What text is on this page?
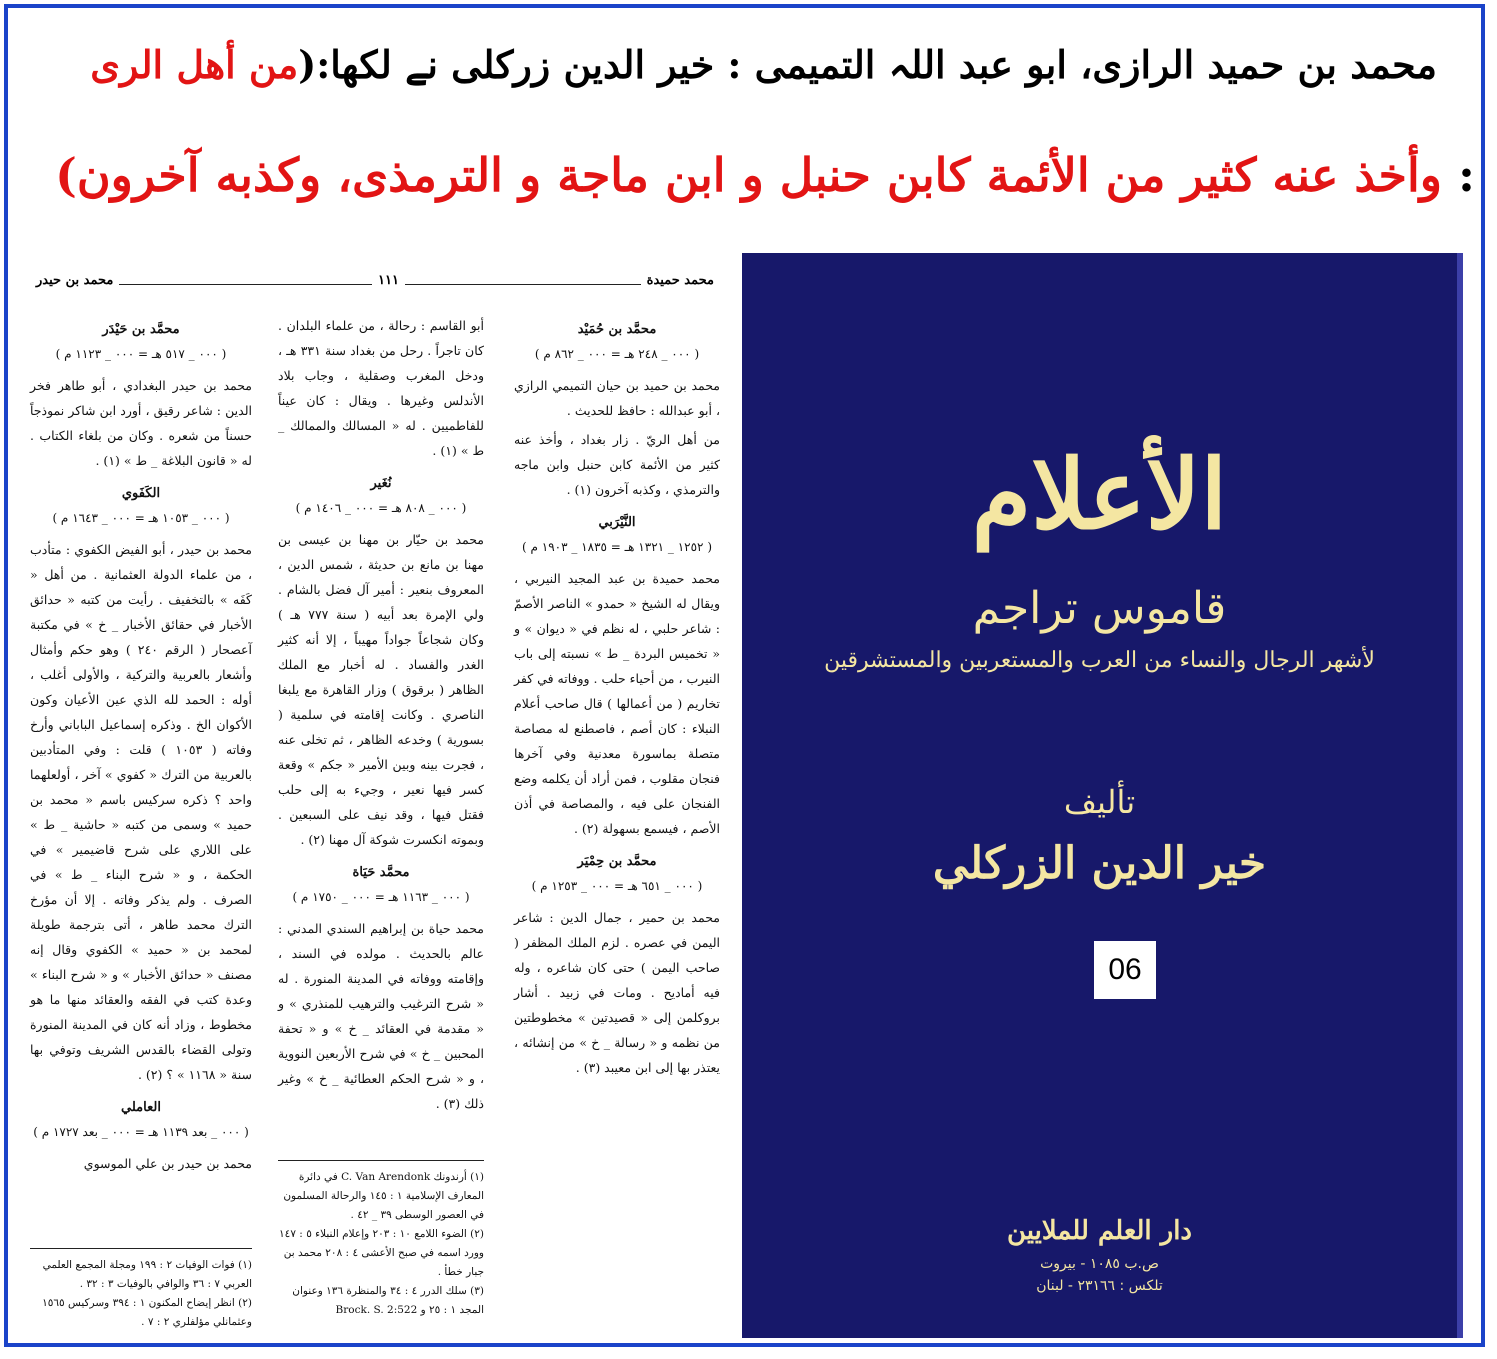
محمد بن حمید الرازی، ابو عبد اللہ التمیمی : خیر الدین زرکلی نے لکھا:(من أهل الری
: وأخذ عنه كثير من الأئمة كابن حنبل و ابن ماجة و الترمذی، وكذبه آخرون)
محمد حميدة
١١١
محمد بن حيدر
محمَّد بن حُمَيْد
( ٠٠٠ _ ٢٤٨ هـ = ٠٠٠ _ ٨٦٢ م )

محمد بن حميد بن حيان التميمي الرازي ، أبو عبدالله : حافظ للحديث .

من أهل الريّ . زار بغداد ، وأخذ عنه كثير من الأئمة كابن حنبل وابن ماجه والترمذي ، وكذبه آخرون (١) .

النَّيْرَبي
( ١٢٥٢ _ ١٣٢١ هـ = ١٨٣٥ _ ١٩٠٣ م )

محمد حميدة بن عبد المجيد النيربي ، ويقال له الشيخ « حمدو » الناصر الأصمّ : شاعر حلبي ، له نظم في « ديوان » و « تخميس البردة _ ط » نسبته إلى باب النيرب ، من أحياء حلب . ووفاته في كفر تخاريم ( من أعمالها ) قال صاحب أعلام النبلاء : كان أصم ، فاصطنع له مصاصة متصلة بماسورة معدنية وفي آخرها فنجان مقلوب ، فمن أراد أن يكلمه وضع الفنجان على فيه ، والمصاصة في أذن الأصم ، فيسمع بسهولة (٢) .

محمَّد بن حِمْيَر
( ٠٠٠ _ ٦٥١ هـ = ٠٠٠ _ ١٢٥٣ م )

محمد بن حمير ، جمال الدين : شاعر اليمن في عصره . لزم الملك المظفر ( صاحب اليمن ) حتى كان شاعره ، وله فيه أماديح . ومات في زبيد . أشار بروكلمن إلى « قصيدتين » مخطوطتين من نظمه و « رسالة _ خ » من إنشائه ، يعتذر بها إلى ابن معيبد (٣) .

أبو القاسم : رحالة ، من علماء البلدان . كان تاجراً . رحل من بغداد سنة ٣٣١ هـ ، ودخل المغرب وصقلية ، وجاب بلاد الأندلس وغيرها . ويقال : كان عيناً للفاطميين . له « المسالك والممالك _ ط » (١) .

نُغَير
( ٠٠٠ _ ٨٠٨ هـ = ٠٠٠ _ ١٤٠٦ م )

محمد بن حيّار بن مهنا بن عيسى بن مهنا بن مانع بن حديثة ، شمس الدين ، المعروف بنعير : أمير آل فضل بالشام . ولي الإمرة بعد أبيه ( سنة ٧٧٧ هـ ) وكان شجاعاً جواداً مهيباً ، إلا أنه كثير الغدر والفساد . له أخبار مع الملك الظاهر ( برقوق ) وزار القاهرة مع يلبغا الناصري . وكانت إقامته في سلمية ( بسورية ) وخدعه الظاهر ، ثم تخلى عنه ، فجرت بينه وبين الأمير « جكم » وقعة كسر فيها نعير ، وجيء به إلى حلب فقتل فيها ، وقد نيف على السبعين . وبموته انكسرت شوكة آل مهنا (٢) .

محمَّد حَيَاة
( ٠٠٠ _ ١١٦٣ هـ = ٠٠٠ _ ١٧٥٠ م )

محمد حياة بن إبراهيم السندي المدني : عالم بالحديث . مولده في السند ، وإقامته ووفاته في المدينة المنورة . له « شرح الترغيب والترهيب للمنذري » و « مقدمة في العقائد _ خ » و « تحفة المحبين _ خ » في شرح الأربعين النووية ، و « شرح الحكم العطائية _ خ » وغير ذلك (٣) .

محمَّد بن حَيْدَر
( ٠٠٠ _ ٥١٧ هـ = ٠٠٠ _ ١١٢٣ م )

محمد بن حيدر البغدادي ، أبو طاهر فخر الدين : شاعر رقيق ، أورد ابن شاكر نموذجاً حسناً من شعره . وكان من بلغاء الكتاب . له « قانون البلاغة _ ط » (١) .

الكَفَوي
( ٠٠٠ _ ١٠٥٣ هـ = ٠٠٠ _ ١٦٤٣ م )

محمد بن حيدر ، أبو الفيض الكفوي : متأدب ، من علماء الدولة العثمانية . من أهل « كَفَه » بالتخفيف . رأيت من كتبه « حدائق الأخبار في حقائق الأخبار _ خ » في مكتبة آعصحار ( الرقم ٢٤٠ ) وهو حكم وأمثال وأشعار بالعربية والتركية ، والأولى أغلب ، أوله : الحمد لله الذي عين الأعيان وكون الأكوان الخ . وذكره إسماعيل الباباني وأرخ وفاته ( ١٠٥٣ ) قلت : وفي المتأدبين بالعربية من الترك « كفوي » آخر ، أولعلهما واحد ؟ ذكره سركيس باسم « محمد بن حميد » وسمى من كتبه « حاشية _ ط » على اللاري على شرح قاضيمير » في الحكمة ، و « شرح البناء _ ط » في الصرف . ولم يذكر وفاته . إلا أن مؤرخ الترك محمد طاهر ، أتى بترجمة طويلة لمحمد بن « حميد » الكفوي وقال إنه مصنف « حدائق الأخبار » و « شرح البناء » وعدة كتب في الفقه والعقائد منها ما هو مخطوط ، وزاد أنه كان في المدينة المنورة وتولى القضاء بالقدس الشريف وتوفي بها سنة « ١١٦٨ » ؟ (٢) .

العاملي
( ٠٠٠ _ بعد ١١٣٩ هـ = ٠٠٠ _ بعد ١٧٢٧ م )

محمد بن حيدر بن علي الموسوي

(١) أرندونك C. Van Arendonk في دائرة المعارف الإسلامية ١ : ١٤٥ والرحالة المسلمون في العصور الوسطى ٣٩ _ ٤٢ .
(٢) الضوء اللامع ١٠ : ٢٠٣ وإعلام النبلاء ٥ : ١٤٧ وورد اسمه في صبح الأعشى ٤ : ٢٠٨ محمد بن جبار خطأ .
(٣) سلك الدرر ٤ : ٣٤ والمنظرة ١٣٦ وعنوان المجد ١ : ٢٥ و Brock. S. 2:522
(١) فوات الوفيات ٢ : ١٩٩ ومجلة المجمع العلمي العربي ٧ : ٣٦ والوافي بالوفيات ٣ : ٣٢ .
(٢) انظر إيضاح المكنون ١ : ٣٩٤ وسركيس ١٥٦٥ وعثمانلي مؤلفلري ٢ : ٧ .
الأعلام
قاموس تراجم
لأشهر الرجال والنساء من العرب والمستعربين والمستشرقين
تأليف
خير الدين الزركلي
06
دار العلم للملايين
ص.ب ١٠٨٥ - بيروت
تلكس : ٢٣١٦٦ - لبنان
